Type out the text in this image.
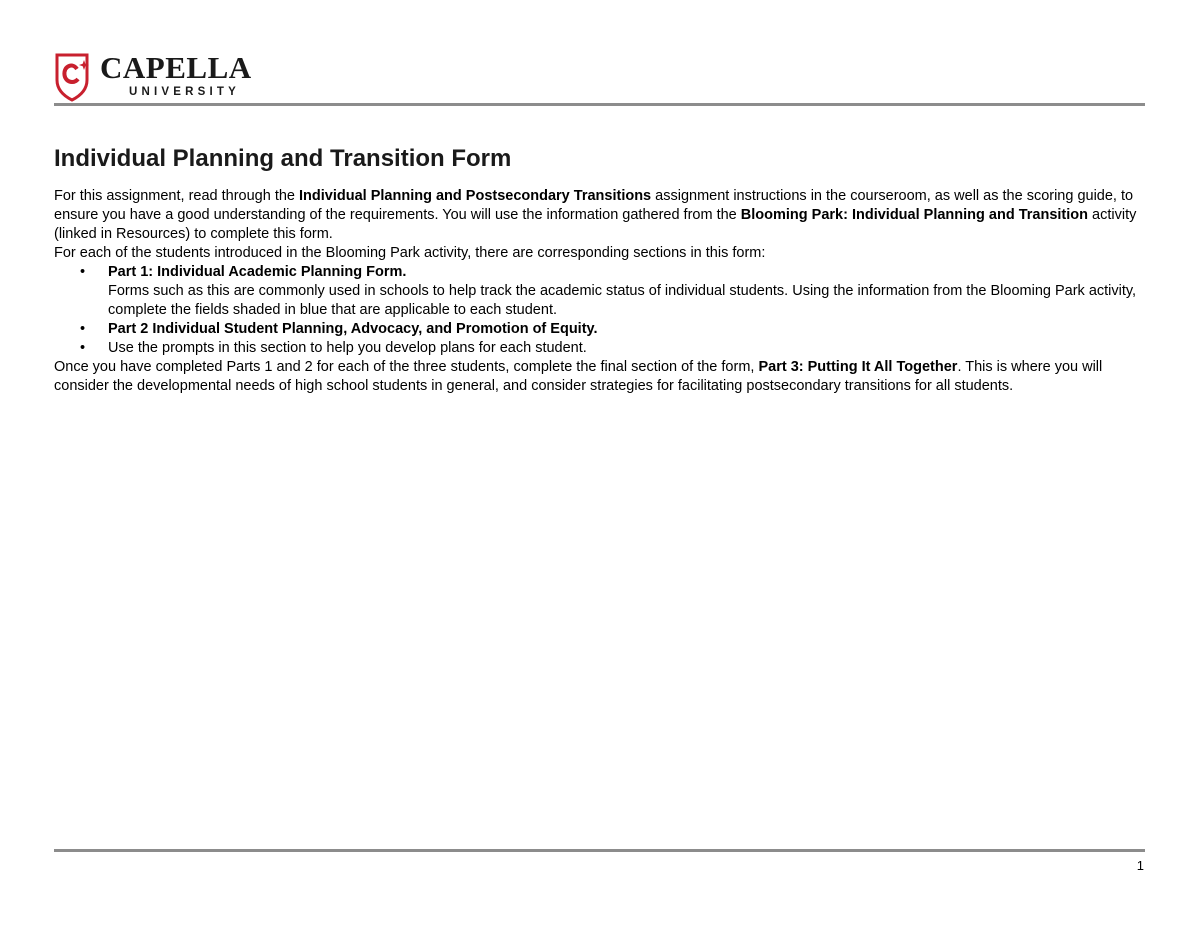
CAPELLA
UNIVERSITY
Individual Planning and Transition Form

For this assignment, read through the Individual Planning and Postsecondary Transitions assignment instructions in the courseroom, as well as the scoring guide, to ensure you have a good understanding of the requirements. You will use the information gathered from the Blooming Park: Individual Planning and Transition activity (linked in Resources) to complete this form.

For each of the students introduced in the Blooming Park activity, there are corresponding sections in this form:

• Part 1: Individual Academic Planning Form.
Forms such as this are commonly used in schools to help track the academic status of individual students. Using the information from the Blooming Park activity, complete the fields shaded in blue that are applicable to each student.
• Part 2 Individual Student Planning, Advocacy, and Promotion of Equity.
• Use the prompts in this section to help you develop plans for each student.

Once you have completed Parts 1 and 2 for each of the three students, complete the final section of the form, Part 3: Putting It All Together. This is where you will consider the developmental needs of high school students in general, and consider strategies for facilitating postsecondary transitions for all students.

1
